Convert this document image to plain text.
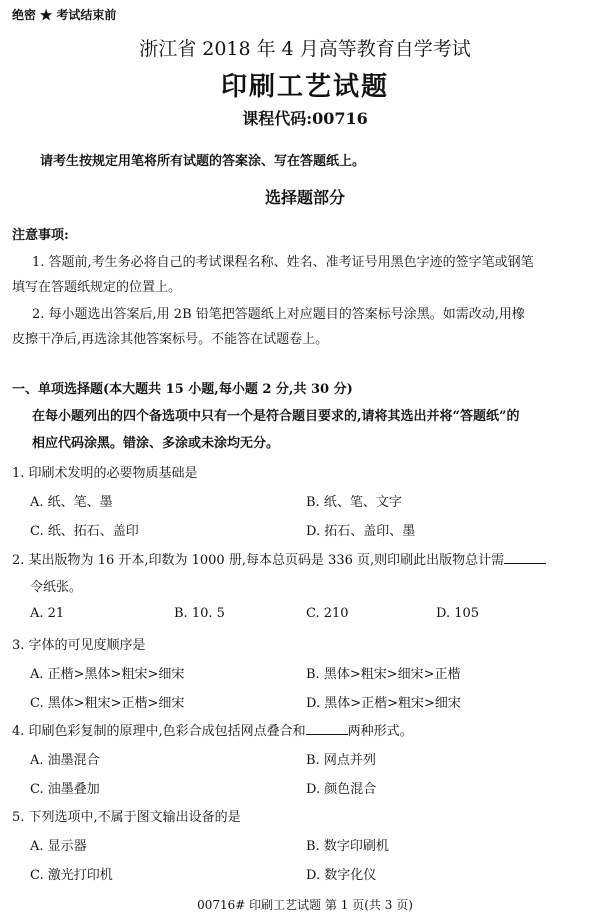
绝密 ★ 考试结束前
浙江省 2018 年 4 月高等教育自学考试
印刷工艺试题
课程代码:00716
请考生按规定用笔将所有试题的答案涂、写在答题纸上。
选择题部分
注意事项:
1. 答题前,考生务必将自己的考试课程名称、姓名、准考证号用黑色字迹的签字笔或钢笔
填写在答题纸规定的位置上。
2. 每小题选出答案后,用 2B 铅笔把答题纸上对应题目的答案标号涂黑。如需改动,用橡
皮擦干净后,再选涂其他答案标号。不能答在试题卷上。
一、单项选择题(本大题共 15 小题,每小题 2 分,共 30 分)
在每小题列出的四个备选项中只有一个是符合题目要求的,请将其选出并将“答题纸”的
相应代码涂黑。错涂、多涂或未涂均无分。
1. 印刷术发明的必要物质基础是
A. 纸、笔、墨	B. 纸、笔、文字
C. 纸、拓石、盖印	D. 拓石、盖印、墨
2. 某出版物为 16 开本,印数为 1000 册,每本总页码是 336 页,则印刷此出版物总计需
令纸张。
A. 21	B. 10. 5	C. 210	D. 105
3. 字体的可见度顺序是
A. 正楷>黑体>粗宋>细宋	B. 黑体>粗宋>细宋>正楷
C. 黑体>粗宋>正楷>细宋	D. 黑体>正楷>粗宋>细宋
4. 印刷色彩复制的原理中,色彩合成包括网点叠合和	两种形式。
A. 油墨混合	B. 网点并列
C. 油墨叠加	D. 颜色混合
5. 下列选项中,不属于图文输出设备的是
A. 显示器	B. 数字印刷机
C. 激光打印机	D. 数字化仪
00716# 印刷工艺试题 第 1 页(共 3 页)
